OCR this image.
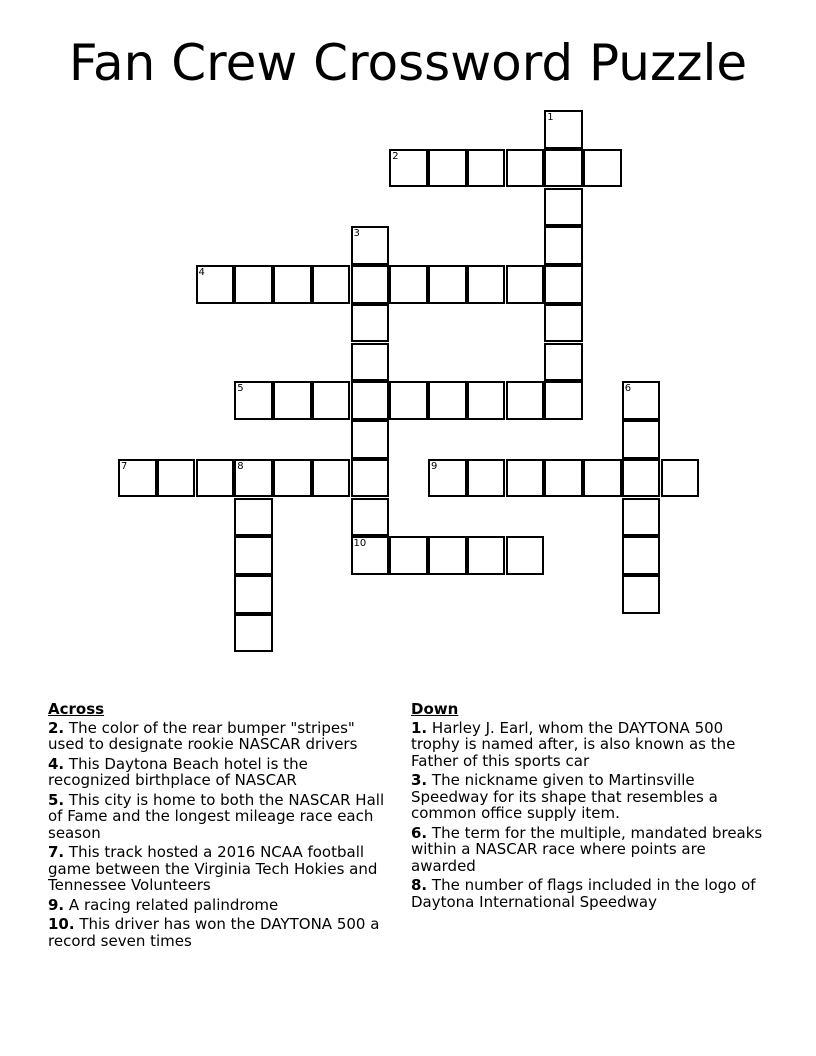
Fan Crew Crossword Puzzle
1
2
3
10
4
5	6
7	8	9
Across
2. The color of the rear bumper "stripes" used to designate rookie NASCAR drivers
4. This Daytona Beach hotel is the recognized birthplace of NASCAR
5. This city is home to both the NASCAR Hall of Fame and the longest mileage race each season
7. This track hosted a 2016 NCAA football game between the Virginia Tech Hokies and Tennessee Volunteers
9. A racing related palindrome
10. This driver has won the DAYTONA 500 a record seven times
Down
1. Harley J. Earl, whom the DAYTONA 500 trophy is named after, is also known as the Father of this sports car
3. The nickname given to Martinsville Speedway for its shape that resembles a common office supply item.
6. The term for the multiple, mandated breaks within a NASCAR race where points are awarded
8. The number of flags included in the logo of Daytona International Speedway
